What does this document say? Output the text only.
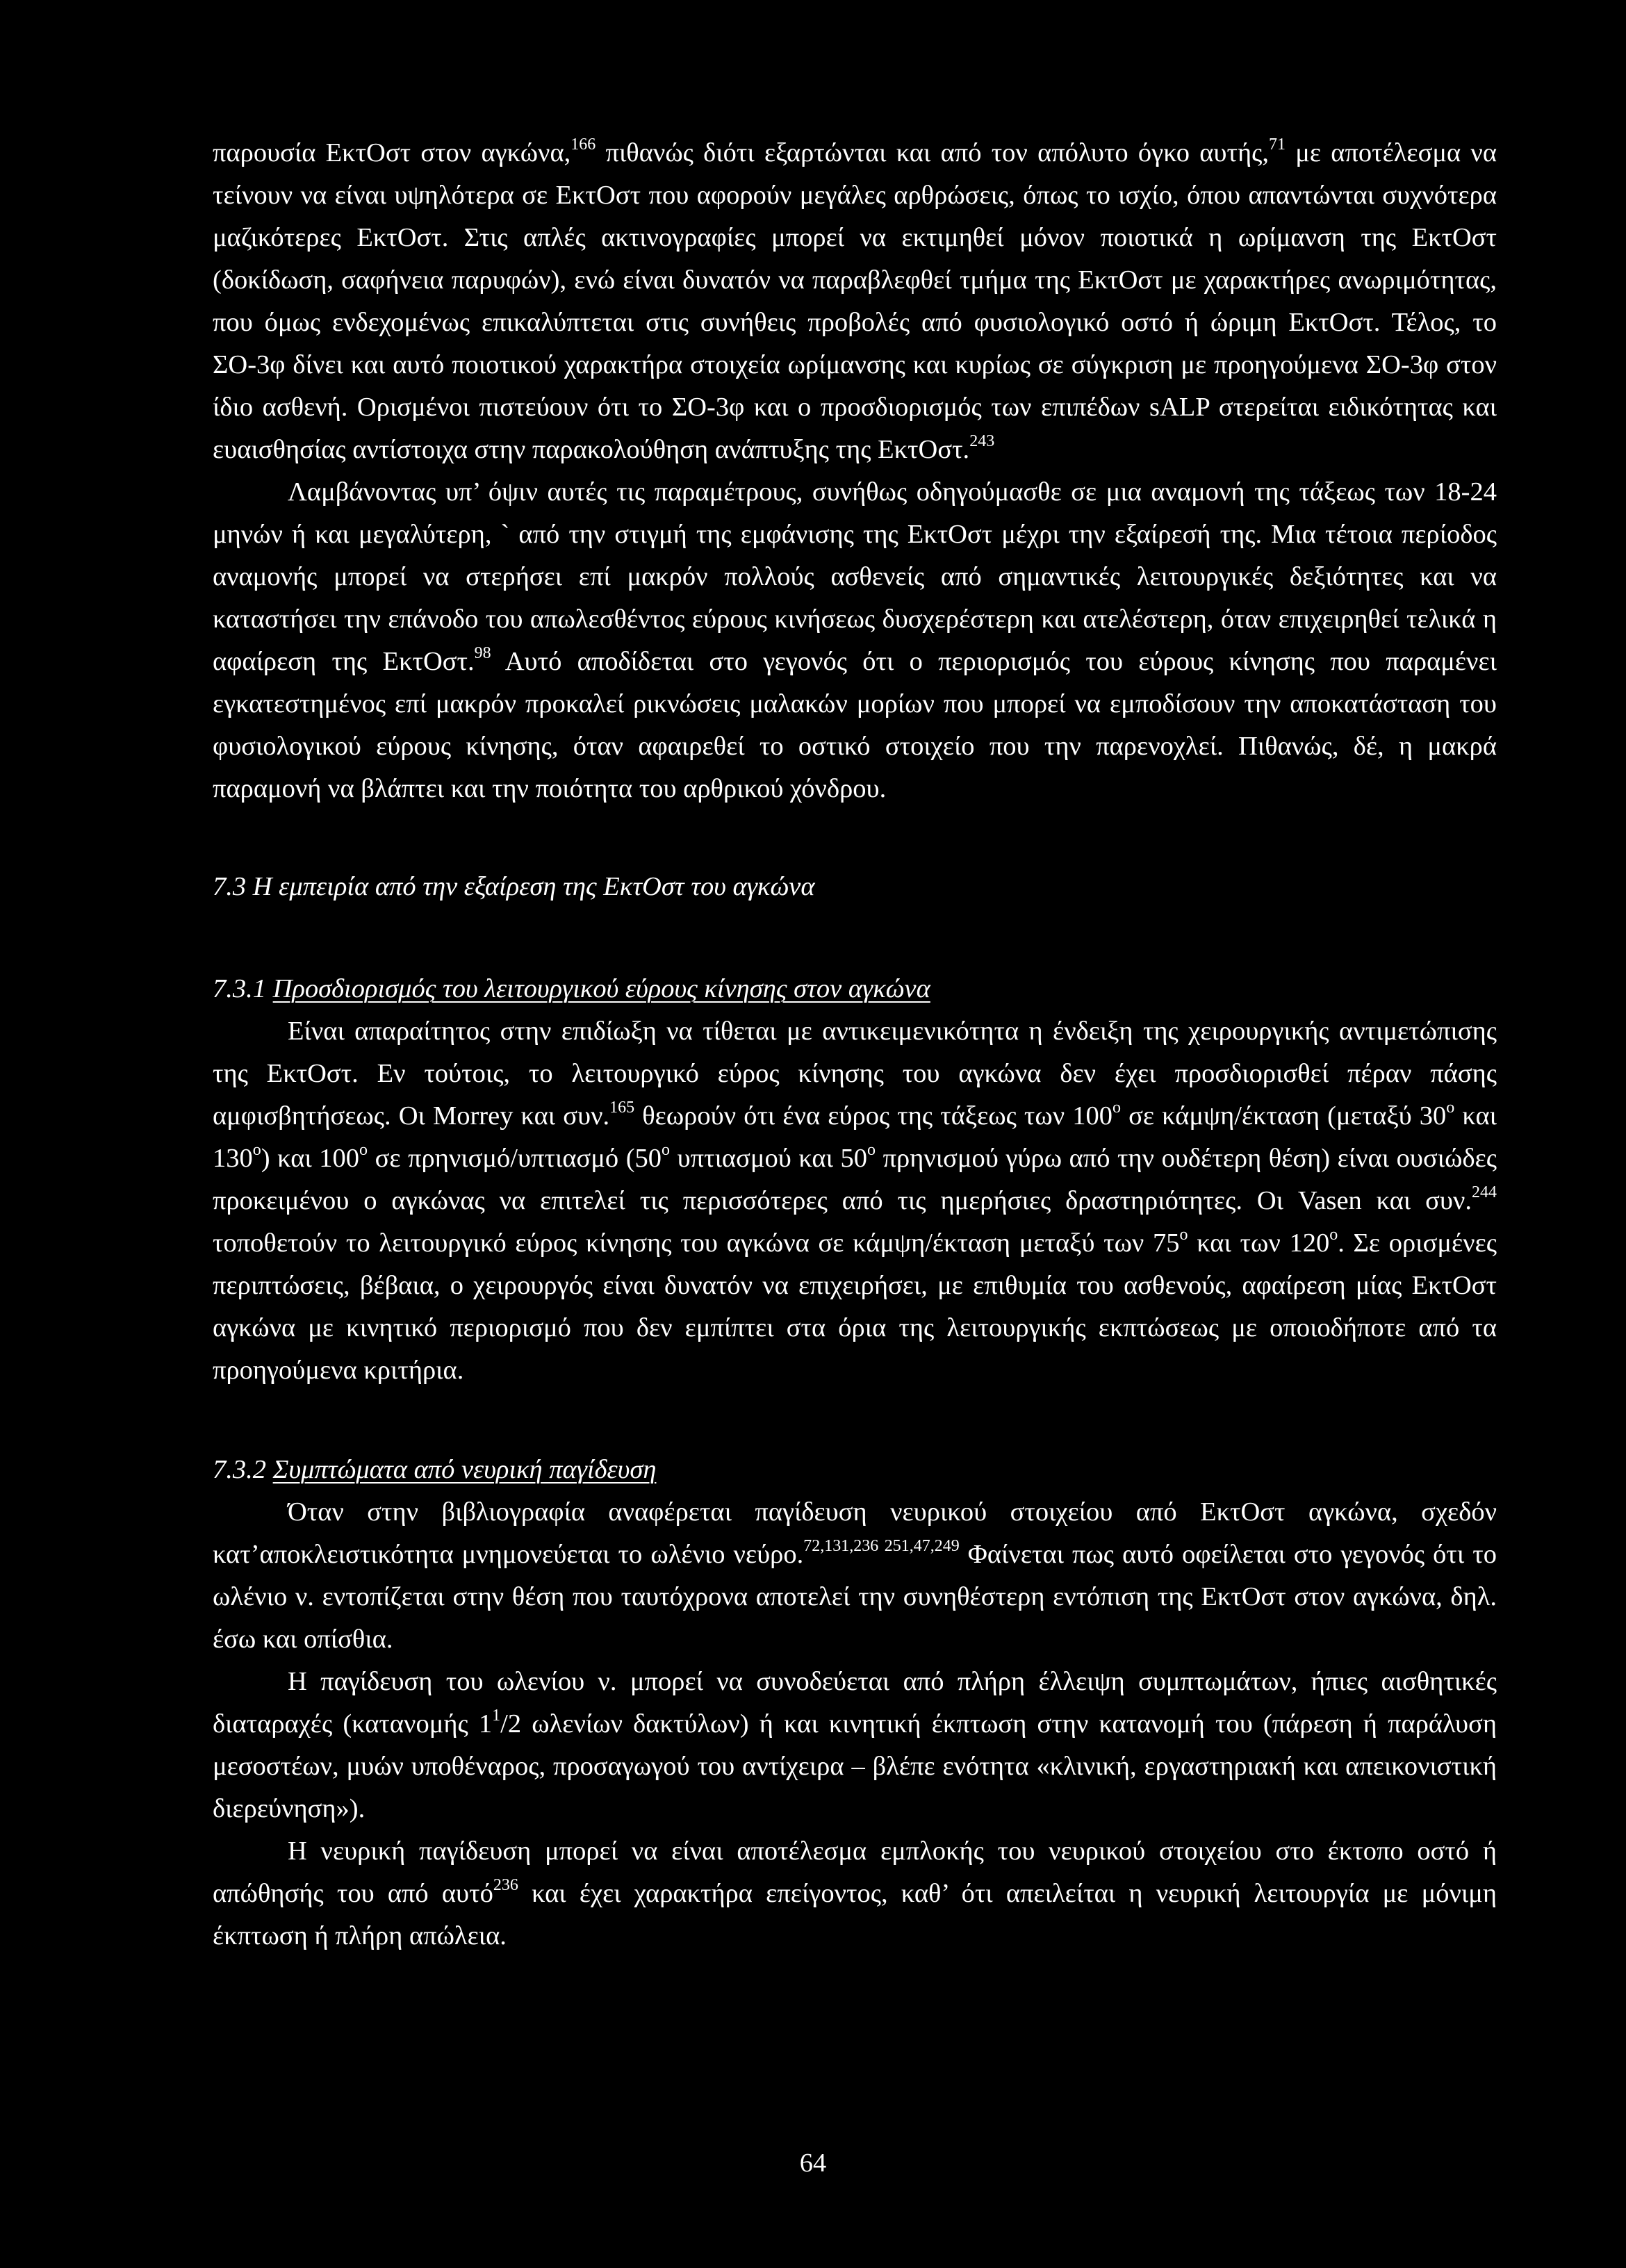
παρουσία ΕκτΟστ στον αγκώνα,$^{166}$ πιθανώς διότι εξαρτώνται και από τον απόλυτο όγκο αυτής,$^{71}$ με αποτέλεσμα να τείνουν να είναι υψηλότερα σε ΕκτΟστ που αφορούν μεγάλες αρθρώσεις, όπως το ισχίο, όπου απαντώνται συχνότερα μαζικότερες ΕκτΟστ. Στις απλές ακτινογραφίες μπορεί να εκτιμηθεί μόνον ποιοτικά η ωρίμανση της ΕκτΟστ (δοκίδωση, σαφήνεια παρυφών), ενώ είναι δυνατόν να παραβλεφθεί τμήμα της ΕκτΟστ με χαρακτήρες ανωριμότητας, που όμως ενδεχομένως επικαλύπτεται στις συνήθεις προβολές από φυσιολογικό οστό ή ώριμη ΕκτΟστ. Τέλος, το ΣΟ-3φ δίνει και αυτό ποιοτικού χαρακτήρα στοιχεία ωρίμανσης και κυρίως σε σύγκριση με προηγούμενα ΣΟ-3φ στον ίδιο ασθενή. Ορισμένοι πιστεύουν ότι το ΣΟ-3φ και ο προσδιορισμός των επιπέδων sALP στερείται ειδικότητας και ευαισθησίας αντίστοιχα στην παρακολούθηση ανάπτυξης της ΕκτΟστ.$^{243}$

Λαμβάνοντας υπ’ όψιν αυτές τις παραμέτρους, συνήθως οδηγούμασθε σε μια αναμονή της τάξεως των 18-24 μηνών ή και μεγαλύτερη, ` από την στιγμή της εμφάνισης της ΕκτΟστ μέχρι την εξαίρεσή της. Μια τέτοια περίοδος αναμονής μπορεί να στερήσει επί μακρόν πολλούς ασθενείς από σημαντικές λειτουργικές δεξιότητες και να καταστήσει την επάνοδο του απωλεσθέντος εύρους κινήσεως δυσχερέστερη και ατελέστερη, όταν επιχειρηθεί τελικά η αφαίρεση της ΕκτΟστ.$^{98}$ Αυτό αποδίδεται στο γεγονός ότι ο περιορισμός του εύρους κίνησης που παραμένει εγκατεστημένος επί μακρόν προκαλεί ρικνώσεις μαλακών μορίων που μπορεί να εμποδίσουν την αποκατάσταση του φυσιολογικού εύρους κίνησης, όταν αφαιρεθεί το οστικό στοιχείο που την παρενοχλεί. Πιθανώς, δέ, η μακρά παραμονή να βλάπτει και την ποιότητα του αρθρικού χόνδρου.

7.3 Η εμπειρία από την εξαίρεση της ΕκτΟστ του αγκώνα

7.3.1 Προσδιορισμός του λειτουργικού εύρους κίνησης στον αγκώνα

Είναι απαραίτητος στην επιδίωξη να τίθεται με αντικειμενικότητα η ένδειξη της χειρουργικής αντιμετώπισης της ΕκτΟστ. Εν τούτοις, το λειτουργικό εύρος κίνησης του αγκώνα δεν έχει προσδιορισθεί πέραν πάσης αμφισβητήσεως. Οι Morrey και συν.$^{165}$ θεωρούν ότι ένα εύρος της τάξεως των $100^o$ σε κάμψη/έκταση (μεταξύ $30^o$ και $130^o$) και $100^o$ σε πρηνισμό/υπτιασμό ($50^o$ υπτιασμού και $50^o$ πρηνισμού γύρω από την ουδέτερη θέση) είναι ουσιώδες προκειμένου ο αγκώνας να επιτελεί τις περισσότερες από τις ημερήσιες δραστηριότητες. Οι Vasen και συν.$^{244}$ τοποθετούν το λειτουργικό εύρος κίνησης του αγκώνα σε κάμψη/έκταση μεταξύ των $75^o$ και των $120^o$. Σε ορισμένες περιπτώσεις, βέβαια, ο χειρουργός είναι δυνατόν να επιχειρήσει, με επιθυμία του ασθενούς, αφαίρεση μίας ΕκτΟστ αγκώνα με κινητικό περιορισμό που δεν εμπίπτει στα όρια της λειτουργικής εκπτώσεως με οποιοδήποτε από τα προηγούμενα κριτήρια.

7.3.2 Συμπτώματα από νευρική παγίδευση

Όταν στην βιβλιογραφία αναφέρεται παγίδευση νευρικού στοιχείου από ΕκτΟστ αγκώνα, σχεδόν κατ’αποκλειστικότητα μνημονεύεται το ωλένιο νεύρο.$^{72,131,236 251,47,249}$ Φαίνεται πως αυτό οφείλεται στο γεγονός ότι το ωλένιο ν. εντοπίζεται στην θέση που ταυτόχρονα αποτελεί την συνηθέστερη εντόπιση της ΕκτΟστ στον αγκώνα, δηλ. έσω και οπίσθια.

Η παγίδευση του ωλενίου ν. μπορεί να συνοδεύεται από πλήρη έλλειψη συμπτωμάτων, ήπιες αισθητικές διαταραχές (κατανομής $1^1/2$ ωλενίων δακτύλων) ή και κινητική έκπτωση στην κατανομή του (πάρεση ή παράλυση μεσοστέων, μυών υποθέναρος, προσαγωγού του αντίχειρα – βλέπε ενότητα «κλινική, εργαστηριακή και απεικονιστική διερεύνηση»).

Η νευρική παγίδευση μπορεί να είναι αποτέλεσμα εμπλοκής του νευρικού στοιχείου στο έκτοπο οστό ή απώθησής του από αυτό$^{236}$ και έχει χαρακτήρα επείγοντος, καθ’ ότι απειλείται η νευρική λειτουργία με μόνιμη έκπτωση ή πλήρη απώλεια.

64
